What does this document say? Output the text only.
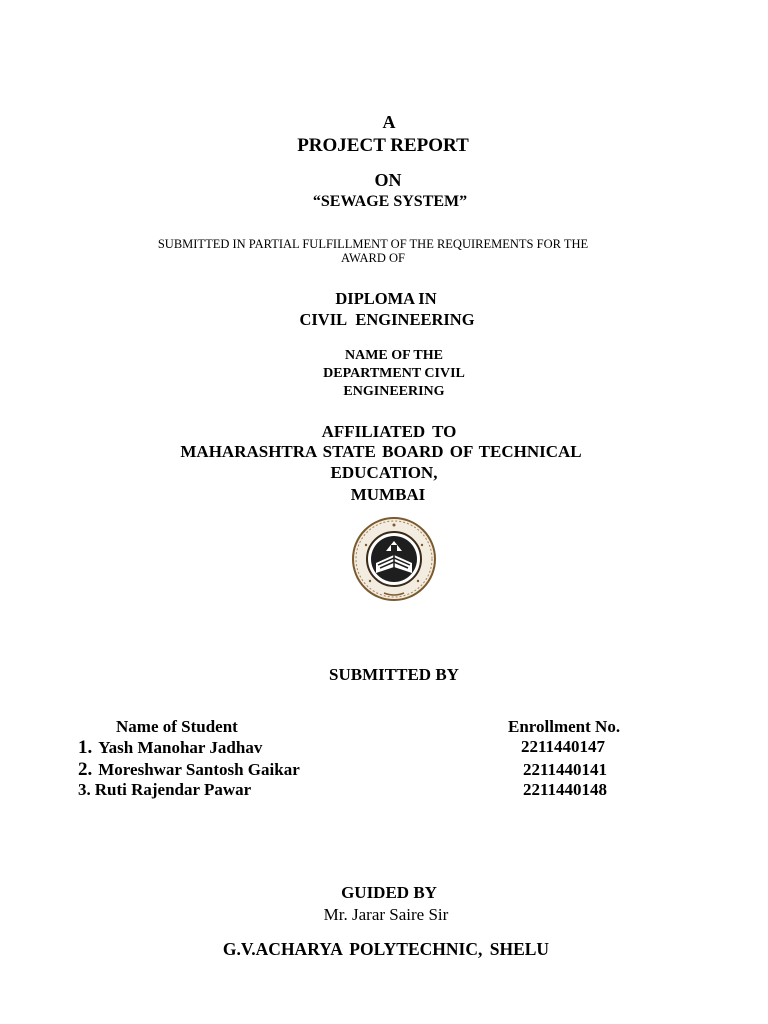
A
PROJECT REPORT
ON
“SEWAGE SYSTEM”
SUBMITTED IN PARTIAL FULFILLMENT OF THE REQUIREMENTS FOR THE
AWARD OF
DIPLOMA IN
CIVIL ENGINEERING
NAME OF THE
DEPARTMENT CIVIL
ENGINEERING
AFFILIATED TO
MAHARASHTRA STATE BOARD OF TECHNICAL
EDUCATION,
MUMBAI
SUBMITTED BY
Name of Student	Enrollment No.
1. Yash Manohar Jadhav
2. Moreshwar Santosh Gaikar
3. Ruti Rajendar Pawar
2211440147
2211440141
2211440148
GUIDED BY
Mr. Jarar Saire Sir
G.V.ACHARYA POLYTECHNIC, SHELU
